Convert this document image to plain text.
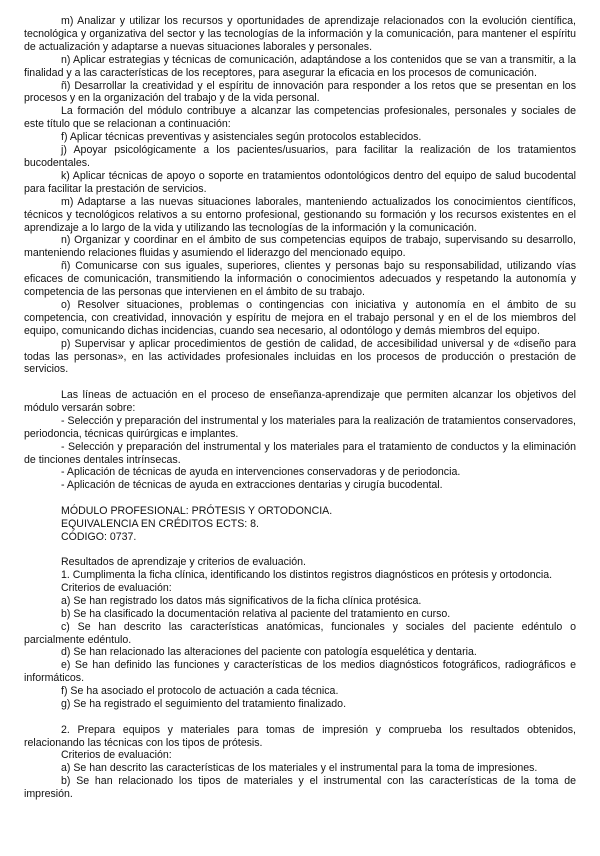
m) Analizar y utilizar los recursos y oportunidades de aprendizaje relacionados con la evolución científica, tecnológica y organizativa del sector y las tecnologías de la información y la comunicación, para mantener el espíritu de actualización y adaptarse a nuevas situaciones laborales y personales.

n) Aplicar estrategias y técnicas de comunicación, adaptándose a los contenidos que se van a transmitir, a la finalidad y a las características de los receptores, para asegurar la eficacia en los procesos de comunicación.

ñ) Desarrollar la creatividad y el espíritu de innovación para responder a los retos que se presentan en los procesos y en la organización del trabajo y de la vida personal.

La formación del módulo contribuye a alcanzar las competencias profesionales, personales y sociales de este título que se relacionan a continuación:

f) Aplicar técnicas preventivas y asistenciales según protocolos establecidos.

j) Apoyar psicológicamente a los pacientes/usuarios, para facilitar la realización de los tratamientos bucodentales.

k) Aplicar técnicas de apoyo o soporte en tratamientos odontológicos dentro del equipo de salud bucodental para facilitar la prestación de servicios.

m) Adaptarse a las nuevas situaciones laborales, manteniendo actualizados los conocimientos científicos, técnicos y tecnológicos relativos a su entorno profesional, gestionando su formación y los recursos existentes en el aprendizaje a lo largo de la vida y utilizando las tecnologías de la información y la comunicación.

n) Organizar y coordinar en el ámbito de sus competencias equipos de trabajo, supervisando su desarrollo, manteniendo relaciones fluidas y asumiendo el liderazgo del mencionado equipo.

ñ) Comunicarse con sus iguales, superiores, clientes y personas bajo su responsabilidad, utilizando vías eficaces de comunicación, transmitiendo la información o conocimientos adecuados y respetando la autonomía y competencia de las personas que intervienen en el ámbito de su trabajo.

o) Resolver situaciones, problemas o contingencias con iniciativa y autonomía en el ámbito de su competencia, con creatividad, innovación y espíritu de mejora en el trabajo personal y en el de los miembros del equipo, comunicando dichas incidencias, cuando sea necesario, al odontólogo y demás miembros del equipo.

p) Supervisar y aplicar procedimientos de gestión de calidad, de accesibilidad universal y de «diseño para todas las personas», en las actividades profesionales incluidas en los procesos de producción o prestación de servicios.

Las líneas de actuación en el proceso de enseñanza-aprendizaje que permiten alcanzar los objetivos del módulo versarán sobre:

- Selección y preparación del instrumental y los materiales para la realización de tratamientos conservadores, periodoncia, técnicas quirúrgicas e implantes.

- Selección y preparación del instrumental y los materiales para el tratamiento de conductos y la eliminación de tinciones dentales intrínsecas.

- Aplicación de técnicas de ayuda en intervenciones conservadoras y de periodoncia.

- Aplicación de técnicas de ayuda en extracciones dentarias y cirugía bucodental.

MÓDULO PROFESIONAL: PRÓTESIS Y ORTODONCIA.

EQUIVALENCIA EN CRÉDITOS ECTS: 8.

CÓDIGO: 0737.

Resultados de aprendizaje y criterios de evaluación.

1. Cumplimenta la ficha clínica, identificando los distintos registros diagnósticos en prótesis y ortodoncia.

Criterios de evaluación:

a) Se han registrado los datos más significativos de la ficha clínica protésica.

b) Se ha clasificado la documentación relativa al paciente del tratamiento en curso.

c) Se han descrito las características anatómicas, funcionales y sociales del paciente edéntulo o parcialmente edéntulo.

d) Se han relacionado las alteraciones del paciente con patología esquelética y dentaria.

e) Se han definido las funciones y características de los medios diagnósticos fotográficos, radiográficos e informáticos.

f) Se ha asociado el protocolo de actuación a cada técnica.

g) Se ha registrado el seguimiento del tratamiento finalizado.

2. Prepara equipos y materiales para tomas de impresión y comprueba los resultados obtenidos, relacionando las técnicas con los tipos de prótesis.

Criterios de evaluación:

a) Se han descrito las características de los materiales y el instrumental para la toma de impresiones.

b) Se han relacionado los tipos de materiales y el instrumental con las características de la toma de impresión.
